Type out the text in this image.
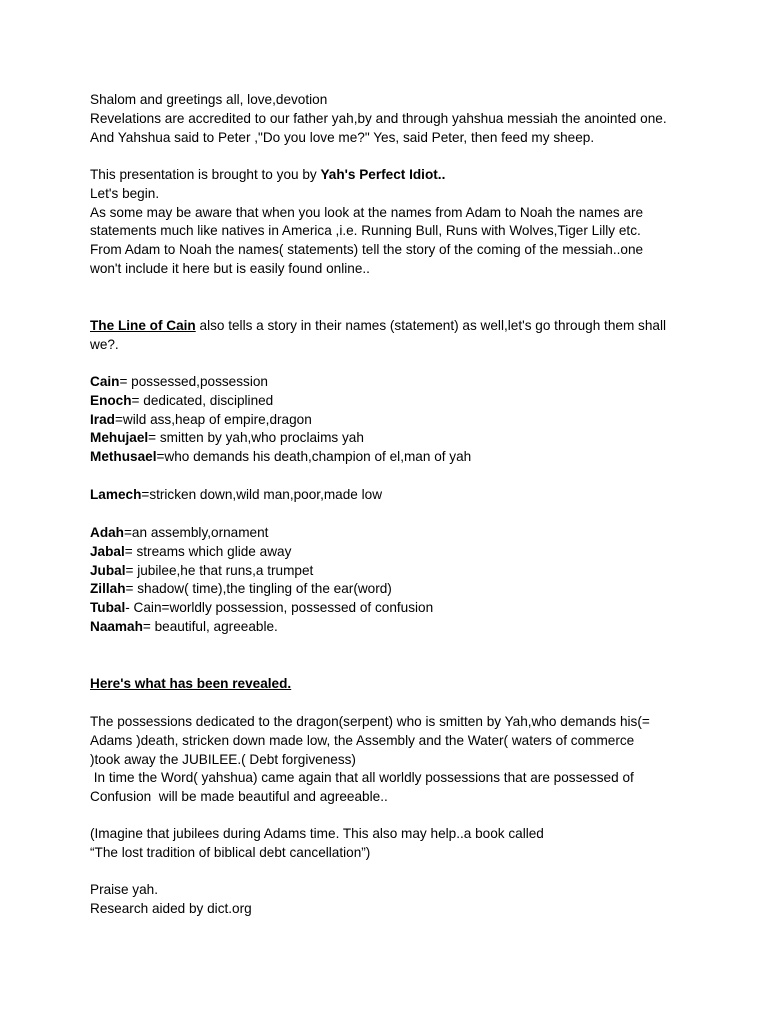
Shalom and greetings all, love,devotion
Revelations are accredited to our father yah,by and through yahshua messiah the anointed one.
And Yahshua said to Peter ,"Do you love me?" Yes, said Peter, then feed my sheep.
This presentation is brought to you by Yah's Perfect Idiot..
Let's begin.
As some may be aware that when you look at the names from Adam to Noah the names are
statements much like natives in America ,i.e. Running Bull, Runs with Wolves,Tiger Lilly etc.
From Adam to Noah the names( statements) tell the story of the coming of the messiah..one
won't include it here but is easily found online..
The Line of Cain also tells a story in their names (statement) as well,let's go through them shall
we?.
Cain= possessed,possession
Enoch= dedicated, disciplined
Irad=wild ass,heap of empire,dragon
Mehujael= smitten by yah,who proclaims yah
Methusael=who demands his death,champion of el,man of yah
Lamech=stricken down,wild man,poor,made low
Adah=an assembly,ornament
Jabal= streams which glide away
Jubal= jubilee,he that runs,a trumpet
Zillah= shadow( time),the tingling of the ear(word)
Tubal- Cain=worldly possession, possessed of confusion
Naamah= beautiful, agreeable.
Here's what has been revealed.
The possessions dedicated to the dragon(serpent) who is smitten by Yah,who demands his(=
Adams )death, stricken down made low, the Assembly and the Water( waters of commerce
)took away the JUBILEE.( Debt forgiveness)
In time the Word( yahshua) came again that all worldly possessions that are possessed of
Confusion  will be made beautiful and agreeable..
(Imagine that jubilees during Adams time. This also may help..a book called
“The lost tradition of biblical debt cancellation”)
Praise yah.
Research aided by dict.org
